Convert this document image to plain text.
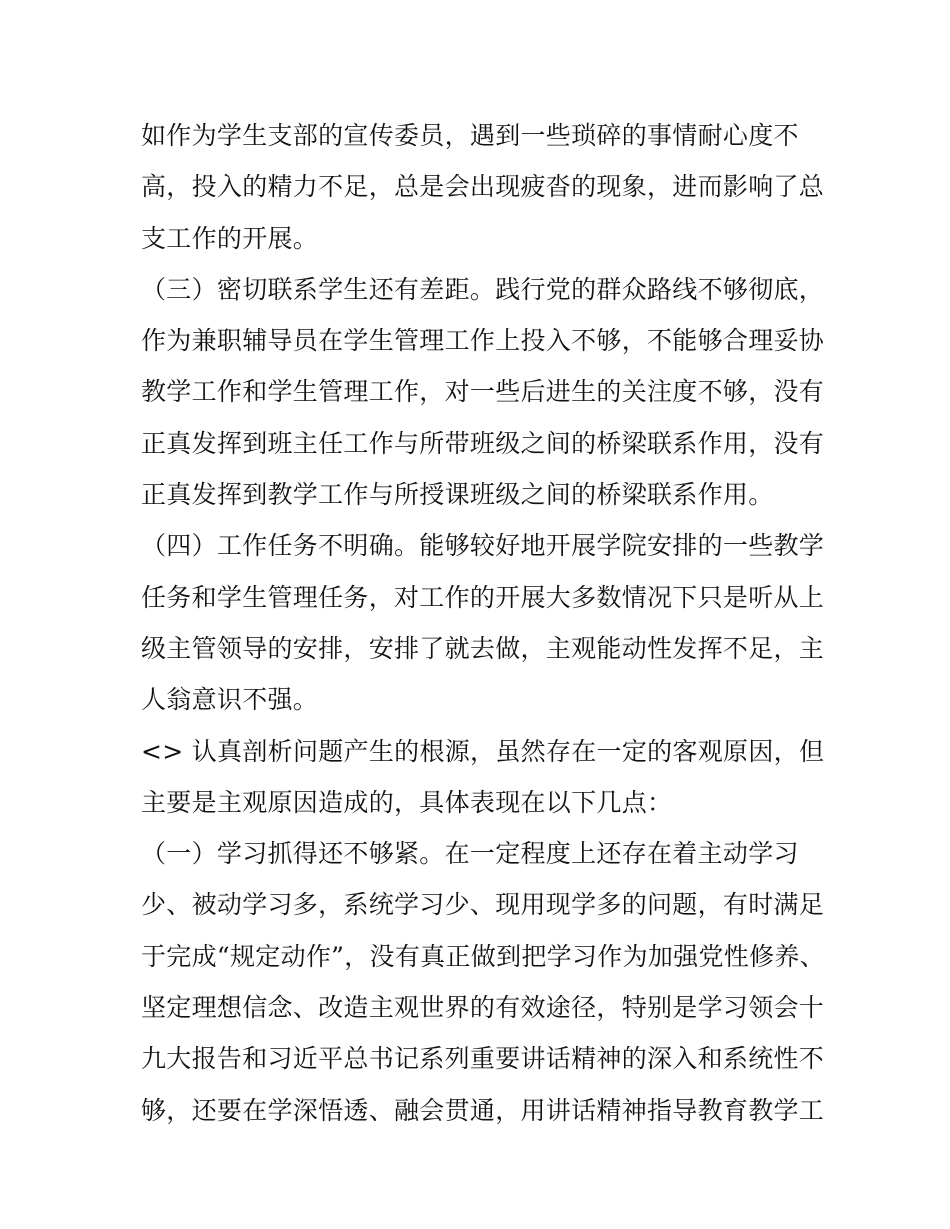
如作为学生支部的宣传委员，遇到一些琐碎的事情耐心度不
高，投入的精力不足，总是会出现疲沓的现象，进而影响了总
支工作的开展。
（三）密切联系学生还有差距。践行党的群众路线不够彻底，
作为兼职辅导员在学生管理工作上投入不够，不能够合理妥协
教学工作和学生管理工作，对一些后进生的关注度不够，没有
正真发挥到班主任工作与所带班级之间的桥梁联系作用，没有
正真发挥到教学工作与所授课班级之间的桥梁联系作用。
（四）工作任务不明确。能够较好地开展学院安排的一些教学
任务和学生管理任务，对工作的开展大多数情况下只是听从上
级主管领导的安排，安排了就去做，主观能动性发挥不足，主
人翁意识不强。
<> 认真剖析问题产生的根源，虽然存在一定的客观原因，但
主要是主观原因造成的，具体表现在以下几点：
（一）学习抓得还不够紧。在一定程度上还存在着主动学习
少、被动学习多，系统学习少、现用现学多的问题，有时满足
于完成“规定动作”，没有真正做到把学习作为加强党性修养、
坚定理想信念、改造主观世界的有效途径，特别是学习领会十
九大报告和习近平总书记系列重要讲话精神的深入和系统性不
够，还要在学深悟透、融会贯通，用讲话精神指导教育教学工
